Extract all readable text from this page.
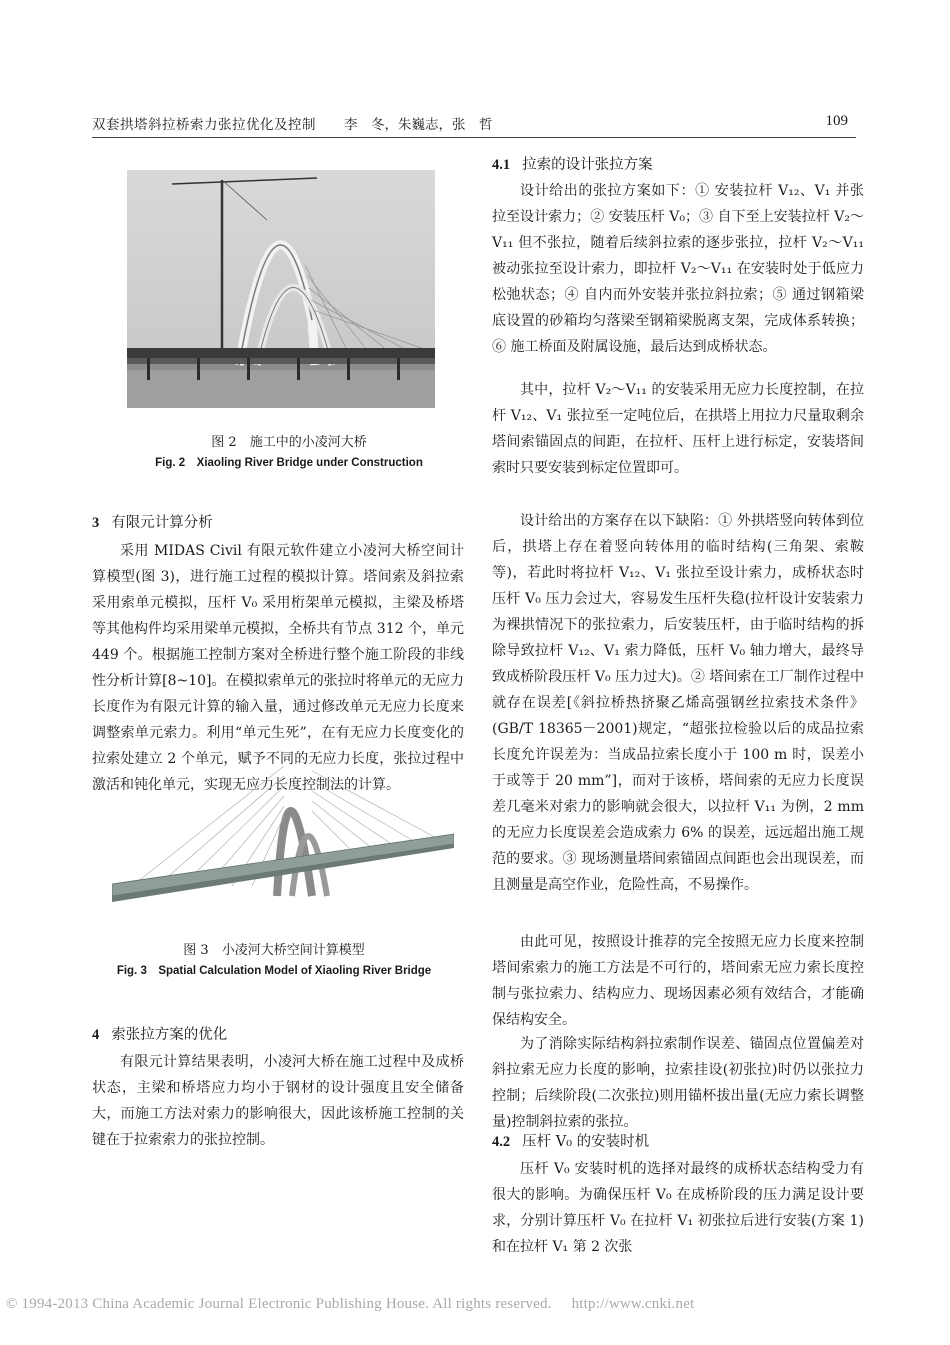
双套拱塔斜拉桥索力张拉优化及控制 李　冬，朱巍志，张　哲	109
图 2　施工中的小凌河大桥
Fig. 2　Xiaoling River Bridge under Construction
3 有限元计算分析

采用 MIDAS Civil 有限元软件建立小凌河大桥空间计算模型(图 3)，进行施工过程的模拟计算。塔间索及斜拉索采用索单元模拟，压杆 V₀ 采用桁架单元模拟，主梁及桥塔等其他构件均采用梁单元模拟，全桥共有节点 312 个，单元 449 个。根据施工控制方案对全桥进行整个施工阶段的非线性分析计算[8~10]。在模拟索单元的张拉时将单元的无应力长度作为有限元计算的输入量，通过修改单元无应力长度来调整索单元索力。利用“单元生死”，在有无应力长度变化的拉索处建立 2 个单元，赋予不同的无应力长度，张拉过程中激活和钝化单元，实现无应力长度控制法的计算。

图 3　小凌河大桥空间计算模型
Fig. 3　Spatial Calculation Model of Xiaoling River Bridge
4 索张拉方案的优化

有限元计算结果表明，小凌河大桥在施工过程中及成桥状态，主梁和桥塔应力均小于钢材的设计强度且安全储备大，而施工方法对索力的影响很大，因此该桥施工控制的关键在于拉索索力的张拉控制。

4.1 拉索的设计张拉方案

设计给出的张拉方案如下：① 安装拉杆 V₁₂、V₁ 并张拉至设计索力；② 安装压杆 V₀；③ 自下至上安装拉杆 V₂～V₁₁ 但不张拉，随着后续斜拉索的逐步张拉，拉杆 V₂～V₁₁ 被动张拉至设计索力，即拉杆 V₂～V₁₁ 在安装时处于低应力松弛状态；④ 自内而外安装并张拉斜拉索；⑤ 通过钢箱梁底设置的砂箱均匀落梁至钢箱梁脱离支架，完成体系转换；⑥ 施工桥面及附属设施，最后达到成桥状态。

其中，拉杆 V₂～V₁₁ 的安装采用无应力长度控制，在拉杆 V₁₂、V₁ 张拉至一定吨位后，在拱塔上用拉力尺量取剩余塔间索锚固点的间距，在拉杆、压杆上进行标定，安装塔间索时只要安装到标定位置即可。

设计给出的方案存在以下缺陷：① 外拱塔竖向转体到位后，拱塔上存在着竖向转体用的临时结构(三角架、索鞍等)，若此时将拉杆 V₁₂、V₁ 张拉至设计索力，成桥状态时压杆 V₀ 压力会过大，容易发生压杆失稳(拉杆设计安装索力为裸拱情况下的张拉索力，后安装压杆，由于临时结构的拆除导致拉杆 V₁₂、V₁ 索力降低，压杆 V₀ 轴力增大，最终导致成桥阶段压杆 V₀ 压力过大)。② 塔间索在工厂制作过程中就存在误差[《斜拉桥热挤聚乙烯高强钢丝拉索技术条件》(GB/T 18365－2001)规定，“超张拉检验以后的成品拉索长度允许误差为：当成品拉索长度小于 100 m 时，误差小于或等于 20 mm”]，而对于该桥，塔间索的无应力长度误差几毫米对索力的影响就会很大，以拉杆 V₁₁ 为例，2 mm 的无应力长度误差会造成索力 6% 的误差，远远超出施工规范的要求。③ 现场测量塔间索锚固点间距也会出现误差，而且测量是高空作业，危险性高，不易操作。

由此可见，按照设计推荐的完全按照无应力长度来控制塔间索索力的施工方法是不可行的，塔间索无应力索长度控制与张拉索力、结构应力、现场因素必须有效结合，才能确保结构安全。

为了消除实际结构斜拉索制作误差、锚固点位置偏差对斜拉索无应力长度的影响，拉索挂设(初张拉)时仍以张拉力控制；后续阶段(二次张拉)则用锚杯拔出量(无应力索长调整量)控制斜拉索的张拉。

4.2 压杆 V₀ 的安装时机

压杆 V₀ 安装时机的选择对最终的成桥状态结构受力有很大的影响。为确保压杆 V₀ 在成桥阶段的压力满足设计要求，分别计算压杆 V₀ 在拉杆 V₁ 初张拉后进行安装(方案 1)和在拉杆 V₁ 第 2 次张

© 1994-2013 China Academic Journal Electronic Publishing House. All rights reserved. http://www.cnki.net
